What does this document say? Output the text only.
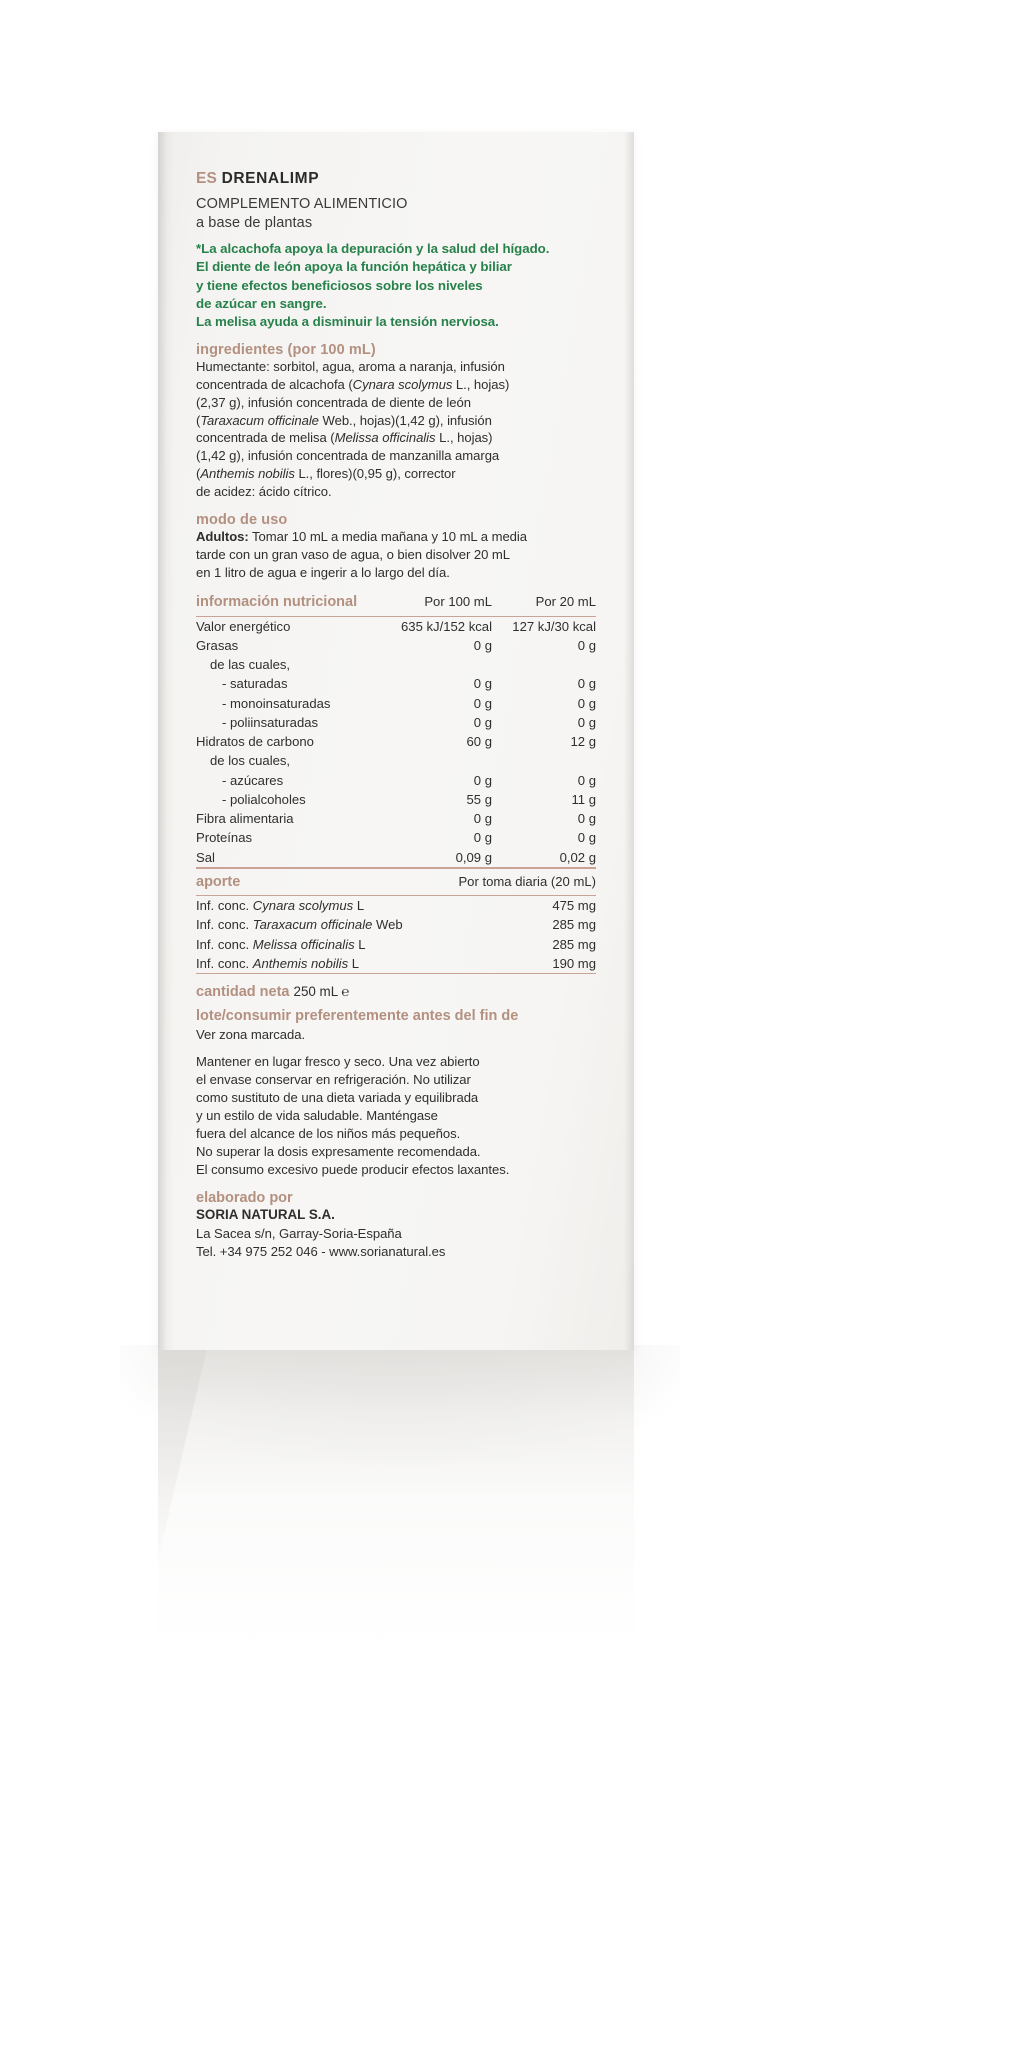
ES DRENALIMP
COMPLEMENTO ALIMENTICIO
a base de plantas
*La alcachofa apoya la depuración y la salud del hígado.
El diente de león apoya la función hepática y biliar
y tiene efectos beneficiosos sobre los niveles
de azúcar en sangre.
La melisa ayuda a disminuir la tensión nerviosa.
ingredientes (por 100 mL)
Humectante: sorbitol, agua, aroma a naranja, infusión
concentrada de alcachofa (Cynara scolymus L., hojas)
(2,37 g), infusión concentrada de diente de león
(Taraxacum officinale Web., hojas)(1,42 g), infusión
concentrada de melisa (Melissa officinalis L., hojas)
(1,42 g), infusión concentrada de manzanilla amarga
(Anthemis nobilis L., flores)(0,95 g), corrector
de acidez: ácido cítrico.
modo de uso
Adultos: Tomar 10 mL a media mañana y 10 mL a media
tarde con un gran vaso de agua, o bien disolver 20 mL
en 1 litro de agua e ingerir a lo largo del día.
información nutricional	Por 100 mL	Por 20 mL
Valor energético	635 kJ/152 kcal	127 kJ/30 kcal
Grasas	0 g	0 g
de las cuales,		
- saturadas	0 g	0 g
- monoinsaturadas	0 g	0 g
- poliinsaturadas	0 g	0 g
Hidratos de carbono	60 g	12 g
de los cuales,		
- azúcares	0 g	0 g
- polialcoholes	55 g	11 g
Fibra alimentaria	0 g	0 g
Proteínas	0 g	0 g
Sal	0,09 g	0,02 g
aporte	Por toma diaria (20 mL)
Inf. conc. Cynara scolymus L	475 mg
Inf. conc. Taraxacum officinale Web	285 mg
Inf. conc. Melissa officinalis L	285 mg
Inf. conc. Anthemis nobilis L	190 mg
cantidad neta 250 mL ℮
lote/consumir preferentemente antes del fin de
Ver zona marcada.
Mantener en lugar fresco y seco. Una vez abierto
el envase conservar en refrigeración. No utilizar
como sustituto de una dieta variada y equilibrada
y un estilo de vida saludable. Manténgase
fuera del alcance de los niños más pequeños.
No superar la dosis expresamente recomendada.
El consumo excesivo puede producir efectos laxantes.
elaborado por
SORIA NATURAL S.A.
La Sacea s/n, Garray-Soria-España
Tel. +34 975 252 046 - www.sorianatural.es
